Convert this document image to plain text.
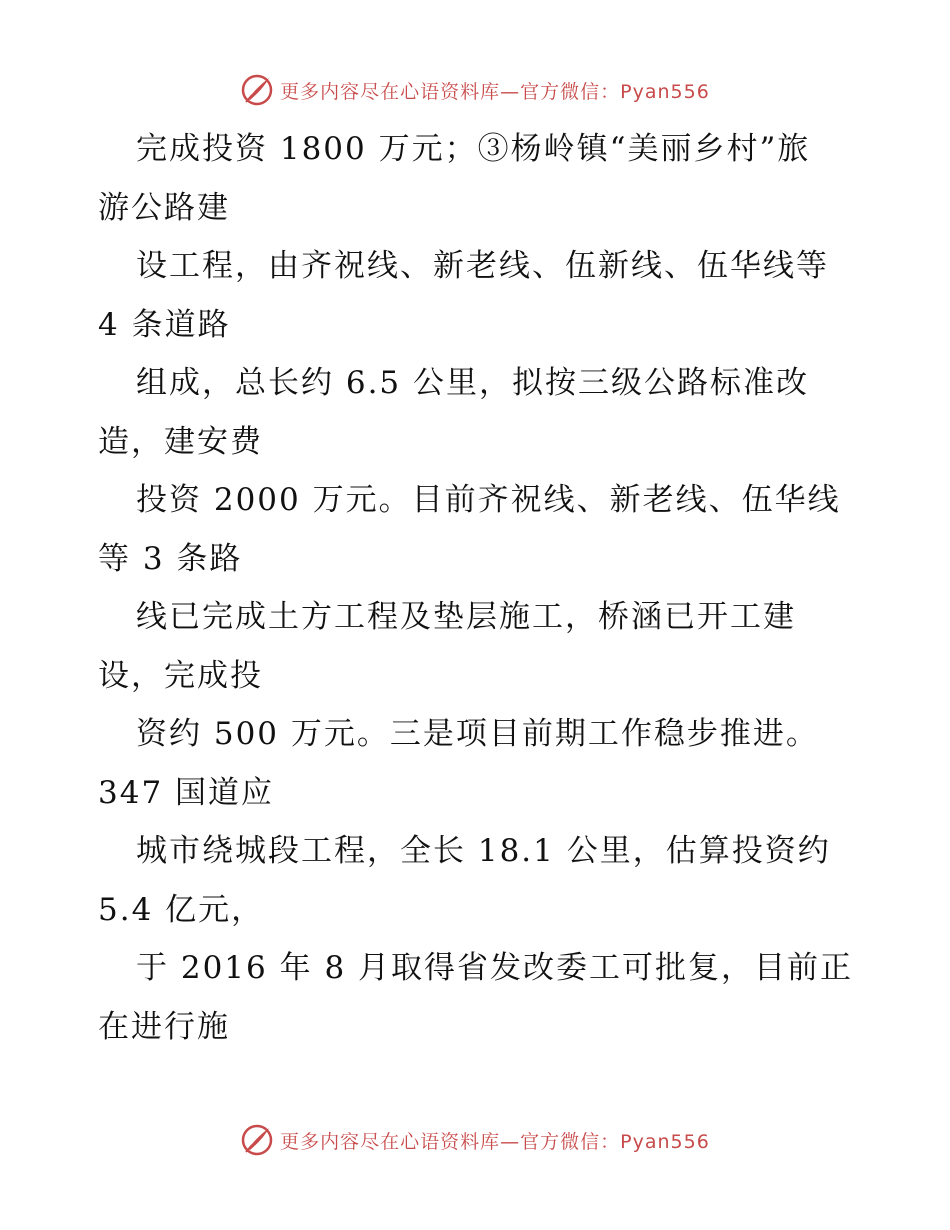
更多内容尽在心语资料库—官方微信：Pyan556
完成投资 1800 万元；③杨岭镇“美丽乡村”旅
游公路建
设工程，由齐祝线、新老线、伍新线、伍华线等
4 条道路
组成，总长约 6.5 公里，拟按三级公路标准改
造，建安费
投资 2000 万元。目前齐祝线、新老线、伍华线
等 3 条路
线已完成土方工程及垫层施工，桥涵已开工建
设，完成投
资约 500 万元。三是项目前期工作稳步推进。
347 国道应
城市绕城段工程，全长 18.1 公里，估算投资约
5.4 亿元，
于 2016 年 8 月取得省发改委工可批复，目前正
在进行施
更多内容尽在心语资料库—官方微信：Pyan556
